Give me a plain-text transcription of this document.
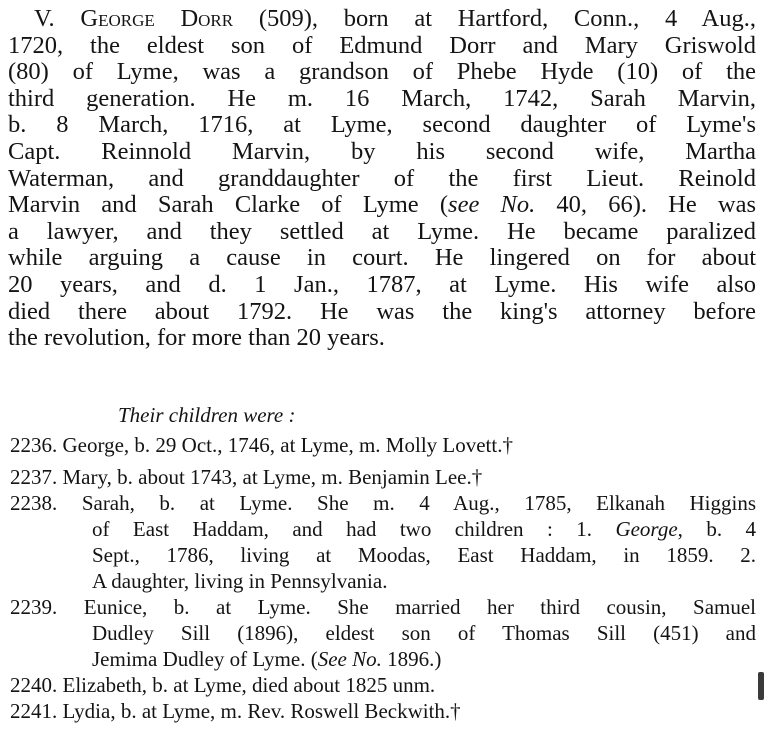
V. George Dorr (509), born at Hartford, Conn., 4 Aug.,
1720, the eldest son of Edmund Dorr and Mary Griswold
(80) of Lyme, was a grandson of Phebe Hyde (10) of the
third generation. He m. 16 March, 1742, Sarah Marvin,
b. 8 March, 1716, at Lyme, second daughter of Lyme's
Capt. Reinnold Marvin, by his second wife, Martha
Waterman, and granddaughter of the first Lieut. Reinold
Marvin and Sarah Clarke of Lyme (see No. 40, 66). He was
a lawyer, and they settled at Lyme. He became paralized
while arguing a cause in court. He lingered on for about
20 years, and d. 1 Jan., 1787, at Lyme. His wife also
died there about 1792. He was the king's attorney before
the revolution, for more than 20 years.
Their children were :
2236. George, b. 29 Oct., 1746, at Lyme, m. Molly Lovett.†
2237. Mary, b. about 1743, at Lyme, m. Benjamin Lee.†
2238. Sarah, b. at Lyme. She m. 4 Aug., 1785, Elkanah Higgins
of East Haddam, and had two children : 1. George, b. 4
Sept., 1786, living at Moodas, East Haddam, in 1859. 2.
A daughter, living in Pennsylvania.
2239. Eunice, b. at Lyme. She married her third cousin, Samuel
Dudley Sill (1896), eldest son of Thomas Sill (451) and
Jemima Dudley of Lyme. (See No. 1896.)
2240. Elizabeth, b. at Lyme, died about 1825 unm.
2241. Lydia, b. at Lyme, m. Rev. Roswell Beckwith.†
